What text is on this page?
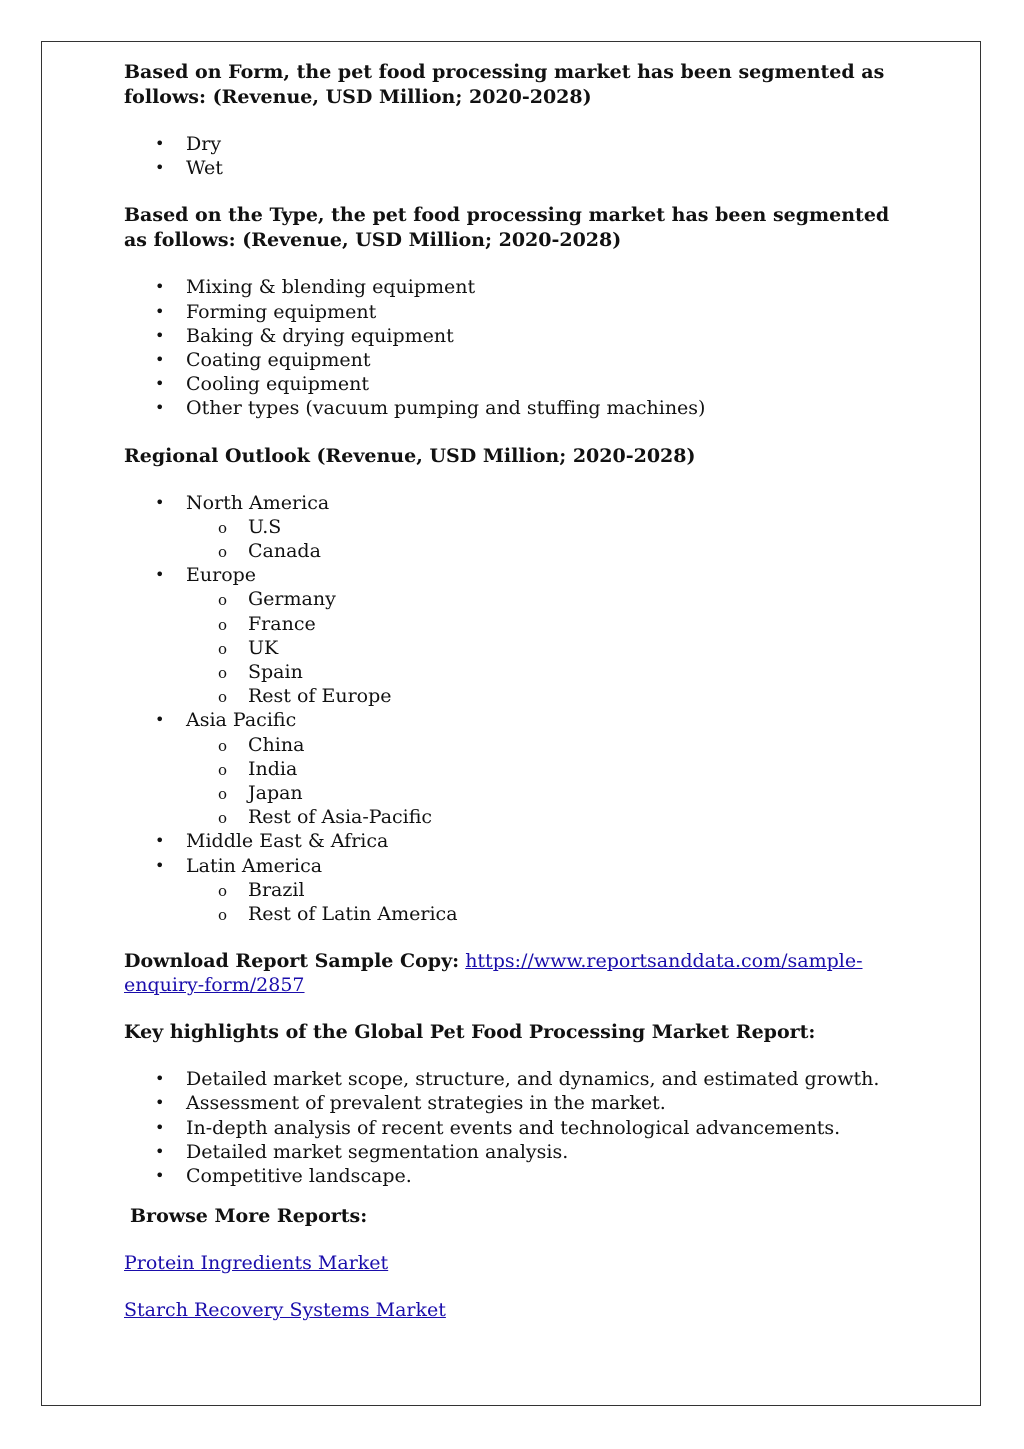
Based on Form, the pet food processing market has been segmented as follows: (Revenue, USD Million; 2020-2028)

• Dry
• Wet

Based on the Type, the pet food processing market has been segmented as follows: (Revenue, USD Million; 2020-2028)

• Mixing & blending equipment
• Forming equipment
• Baking & drying equipment
• Coating equipment
• Cooling equipment
• Other types (vacuum pumping and stuffing machines)

Regional Outlook (Revenue, USD Million; 2020-2028)

• North America
o U.S
o Canada
• Europe
o Germany
o France
o UK
o Spain
o Rest of Europe
• Asia Pacific
o China
o India
o Japan
o Rest of Asia-Pacific
• Middle East & Africa
• Latin America
o Brazil
o Rest of Latin America

Download Report Sample Copy: https://www.reportsanddata.com/sample-enquiry-form/2857

Key highlights of the Global Pet Food Processing Market Report:

• Detailed market scope, structure, and dynamics, and estimated growth.
• Assessment of prevalent strategies in the market.
• In-depth analysis of recent events and technological advancements.
• Detailed market segmentation analysis.
• Competitive landscape.

Browse More Reports:

Protein Ingredients Market

Starch Recovery Systems Market
